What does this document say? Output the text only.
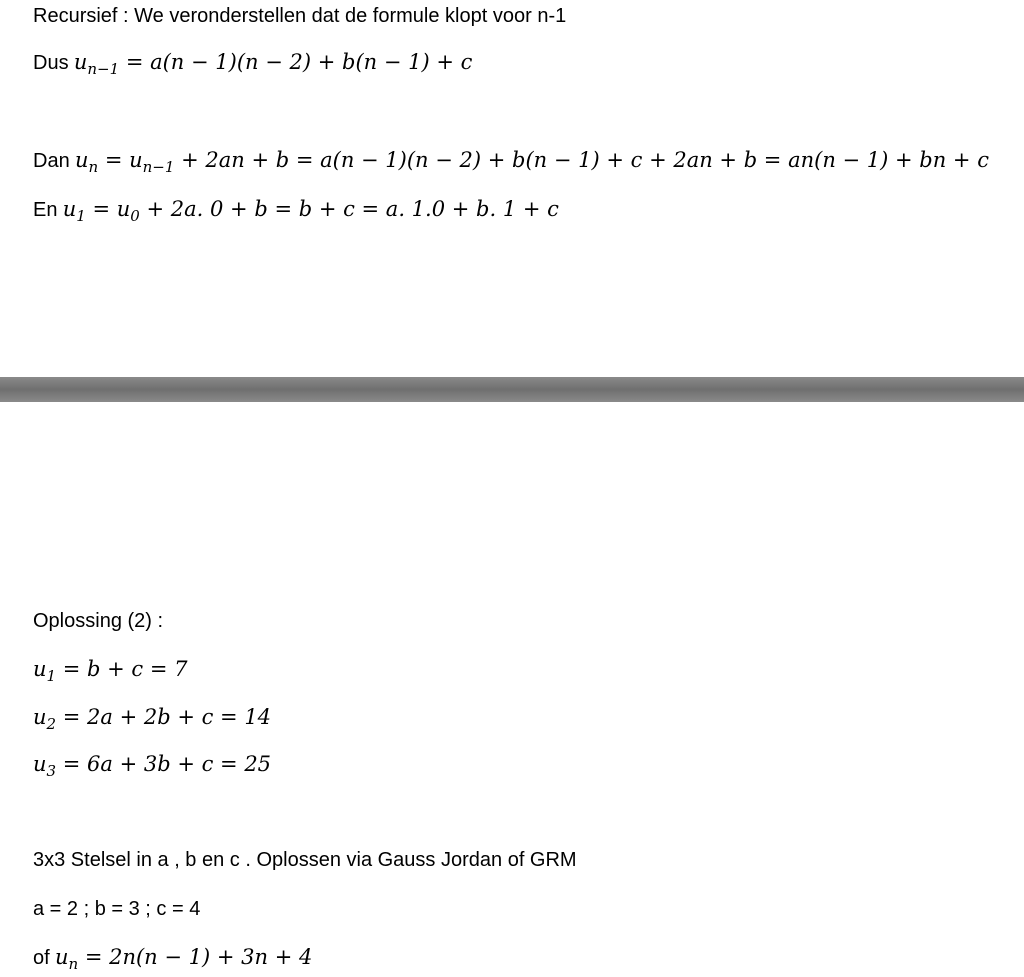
Recursief : We veronderstellen dat de formule klopt voor n-1
Dus $u_{n-1} = a(n - 1)(n - 2) + b(n - 1) + c$
Dan $u_n = u_{n-1} + 2an + b = a(n - 1)(n - 2) + b(n - 1) + c + 2an + b = an(n - 1)$ + bn + c
En $u_1 = u_0 + 2a$. 0 + b = b + c = a. 1.0 + b. 1 + c
Oplossing (2) :
$u_1 = b + c = 7$
$u_2 = 2a + 2b + c = 14$
$u_3 = 6a + 3b + c = 25$
3x3 Stelsel in a , b en c . Oplossen via Gauss Jordan of GRM
a = 2 ; b = 3 ; c = 4
of $u_n = 2n(n - 1) + 3n + 4$
